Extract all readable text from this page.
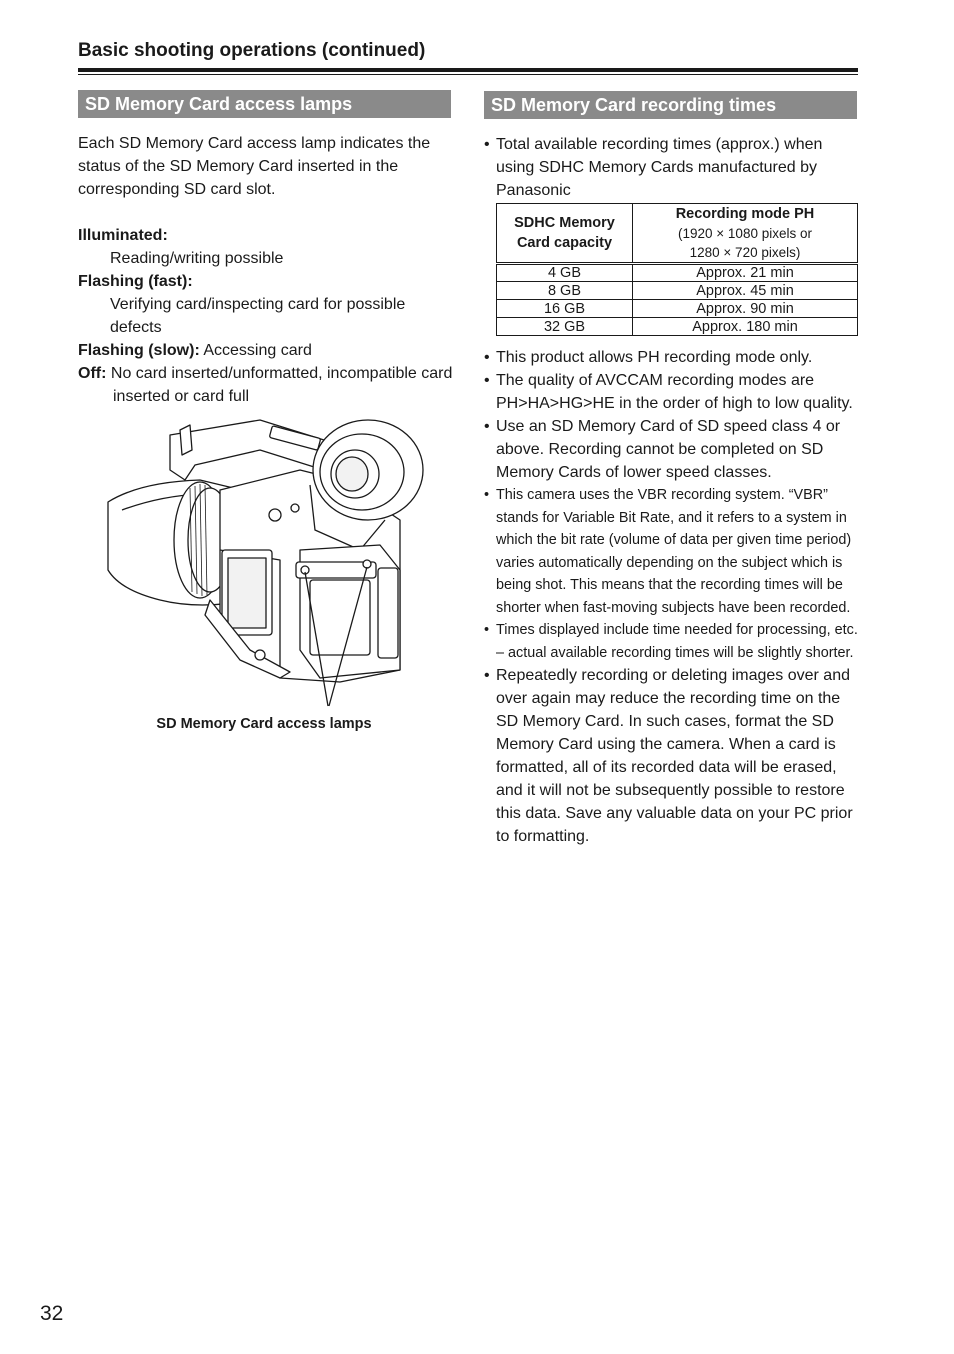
Basic shooting operations (continued)
SD Memory Card access lamps	SD Memory Card recording times

Each SD Memory Card access lamp indicates the status of the SD Memory Card inserted in the corresponding SD card slot.

Illuminated:
Reading/writing possible
Flashing (fast):
Verifying card/inspecting card for possible defects
Flashing (slow): Accessing card
Off: No card inserted/unformatted, incompatible card inserted or card full
SD Memory Card access lamps
• Total available recording times (approx.) when using SDHC Memory Cards manufactured by Panasonic
SDHC Memory
Card capacity	Recording mode PH
(1920 × 1080 pixels or
1280 × 720 pixels)

4 GB	Approx. 21 min
8 GB	Approx. 45 min
16 GB	Approx. 90 min
32 GB	Approx. 180 min
• This product allows PH recording mode only.
• The quality of AVCCAM recording modes are PH>HA>HG>HE in the order of high to low quality.
• Use an SD Memory Card of SD speed class 4 or above. Recording cannot be completed on SD Memory Cards of lower speed classes.
• This camera uses the VBR recording system. “VBR” stands for Variable Bit Rate, and it refers to a system in which the bit rate (volume of data per given time period) varies automatically depending on the subject which is being shot. This means that the recording times will be shorter when fast-moving subjects have been recorded.
• Times displayed include time needed for processing, etc. – actual available recording times will be slightly shorter.
• Repeatedly recording or deleting images over and over again may reduce the recording time on the SD Memory Card. In such cases, format the SD Memory Card using the camera. When a card is formatted, all of its recorded data will be erased, and it will not be subsequently possible to restore this data. Save any valuable data on your PC prior to formatting.
32
